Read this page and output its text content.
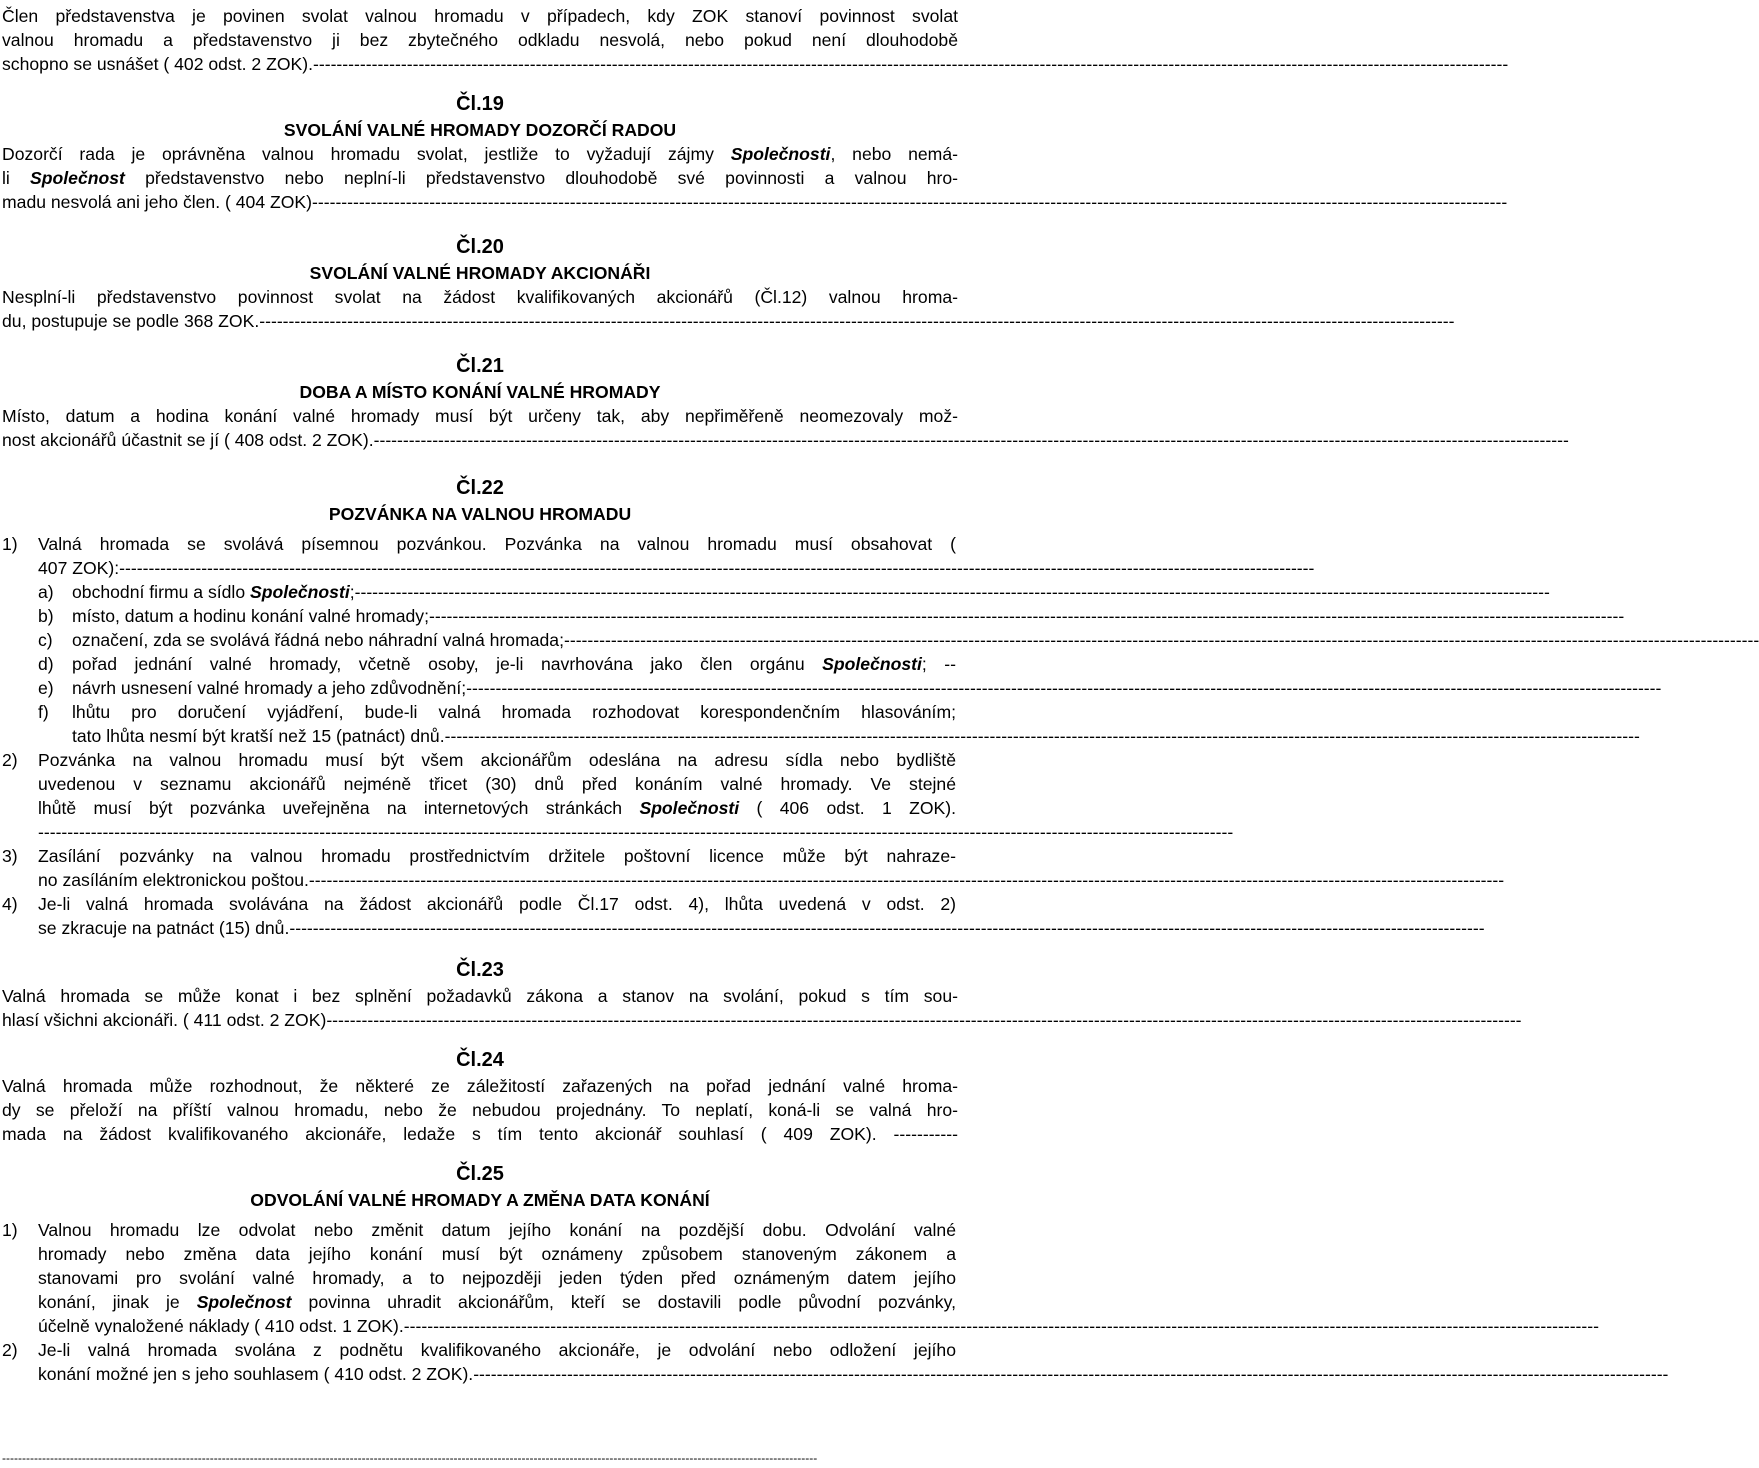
Člen představenstva je povinen svolat valnou hromadu v případech, kdy ZOK stanoví povinnost svolat
valnou hromadu a představenstvo ji bez zbytečného odkladu nesvolá, nebo pokud není dlouhodobě
schopno se usnášet ( 402 odst. 2 ZOK). ------------------------------------------------------------------------------------------------------------------------------------------------------------------------------------------------------------
Čl.19
SVOLÁNÍ VALNÉ HROMADY DOZORČÍ RADOU
Dozorčí rada je oprávněna valnou hromadu svolat, jestliže to vyžadují zájmy Společnosti, nebo nemá-
li Společnost představenstvo nebo neplní-li představenstvo dlouhodobě své povinnosti a valnou hro-
madu nesvolá ani jeho člen. ( 404 ZOK) ------------------------------------------------------------------------------------------------------------------------------------------------------------------------------------------------------------
Čl.20
SVOLÁNÍ VALNÉ HROMADY AKCIONÁŘI
Nesplní-li představenstvo povinnost svolat na žádost kvalifikovaných akcionářů (Čl.12) valnou hroma-
du, postupuje se podle 368 ZOK. ------------------------------------------------------------------------------------------------------------------------------------------------------------------------------------------------------------
Čl.21
DOBA A MÍSTO KONÁNÍ VALNÉ HROMADY
Místo, datum a hodina konání valné hromady musí být určeny tak, aby nepřiměřeně neomezovaly mož-
nost akcionářů účastnit se jí ( 408 odst. 2 ZOK). ------------------------------------------------------------------------------------------------------------------------------------------------------------------------------------------------------------
Čl.22
POZVÁNKA NA VALNOU HROMADU
1) Valná hromada se svolává písemnou pozvánkou. Pozvánka na valnou hromadu musí obsahovat (
407 ZOK): ------------------------------------------------------------------------------------------------------------------------------------------------------------------------------------------------------------
a) obchodní firmu a sídlo Společnosti; ------------------------------------------------------------------------------------------------------------------------------------------------------------------------------------------------------------
b) místo, datum a hodinu konání valné hromady; ------------------------------------------------------------------------------------------------------------------------------------------------------------------------------------------------------------
c) označení, zda se svolává řádná nebo náhradní valná hromada; ------------------------------------------------------------------------------------------------------------------------------------------------------------------------------------------------------------
d) pořad jednání valné hromady, včetně osoby, je-li navrhována jako člen orgánu Společnosti; --
e) návrh usnesení valné hromady a jeho zdůvodnění; ------------------------------------------------------------------------------------------------------------------------------------------------------------------------------------------------------------
f) lhůtu pro doručení vyjádření, bude-li valná hromada rozhodovat korespondenčním hlasováním;
tato lhůta nesmí být kratší než 15 (patnáct) dnů. ------------------------------------------------------------------------------------------------------------------------------------------------------------------------------------------------------------
2) Pozvánka na valnou hromadu musí být všem akcionářům odeslána na adresu sídla nebo bydliště
uvedenou v seznamu akcionářů nejméně třicet (30) dnů před konáním valné hromady. Ve stejné
lhůtě musí být pozvánka uveřejněna na internetových stránkách Společnosti ( 406 odst. 1 ZOK).
------------------------------------------------------------------------------------------------------------------------------------------------------------------------------------------------------------
3) Zasílání pozvánky na valnou hromadu prostřednictvím držitele poštovní licence může být nahraze-
no zasíláním elektronickou poštou. ------------------------------------------------------------------------------------------------------------------------------------------------------------------------------------------------------------
4) Je-li valná hromada svolávána na žádost akcionářů podle Čl.17 odst. 4), lhůta uvedená v odst. 2)
se zkracuje na patnáct (15) dnů. ------------------------------------------------------------------------------------------------------------------------------------------------------------------------------------------------------------
Čl.23
Valná hromada se může konat i bez splnění požadavků zákona a stanov na svolání, pokud s tím sou-
hlasí všichni akcionáři. ( 411 odst. 2 ZOK) ------------------------------------------------------------------------------------------------------------------------------------------------------------------------------------------------------------
Čl.24
Valná hromada může rozhodnout, že některé ze záležitostí zařazených na pořad jednání valné hroma-
dy se přeloží na příští valnou hromadu, nebo že nebudou projednány. To neplatí, koná-li se valná hro-
mada na žádost kvalifikovaného akcionáře, ledaže s tím tento akcionář souhlasí ( 409 ZOK). -----------
Čl.25
ODVOLÁNÍ VALNÉ HROMADY A ZMĚNA DATA KONÁNÍ
1) Valnou hromadu lze odvolat nebo změnit datum jejího konání na pozdější dobu. Odvolání valné
hromady nebo změna data jejího konání musí být oznámeny způsobem stanoveným zákonem a
stanovami pro svolání valné hromady, a to nejpozději jeden týden před oznámeným datem jejího
konání, jinak je Společnost povinna uhradit akcionářům, kteří se dostavili podle původní pozvánky,
účelně vynaložené náklady ( 410 odst. 1 ZOK). ------------------------------------------------------------------------------------------------------------------------------------------------------------------------------------------------------------
2) Je-li valná hromada svolána z podnětu kvalifikovaného akcionáře, je odvolání nebo odložení jejího
konání možné jen s jeho souhlasem ( 410 odst. 2 ZOK). ------------------------------------------------------------------------------------------------------------------------------------------------------------------------------------------------------------
------------------------------------------------------------------------------------------------------------------------------------------------------------------------------------------------------------
